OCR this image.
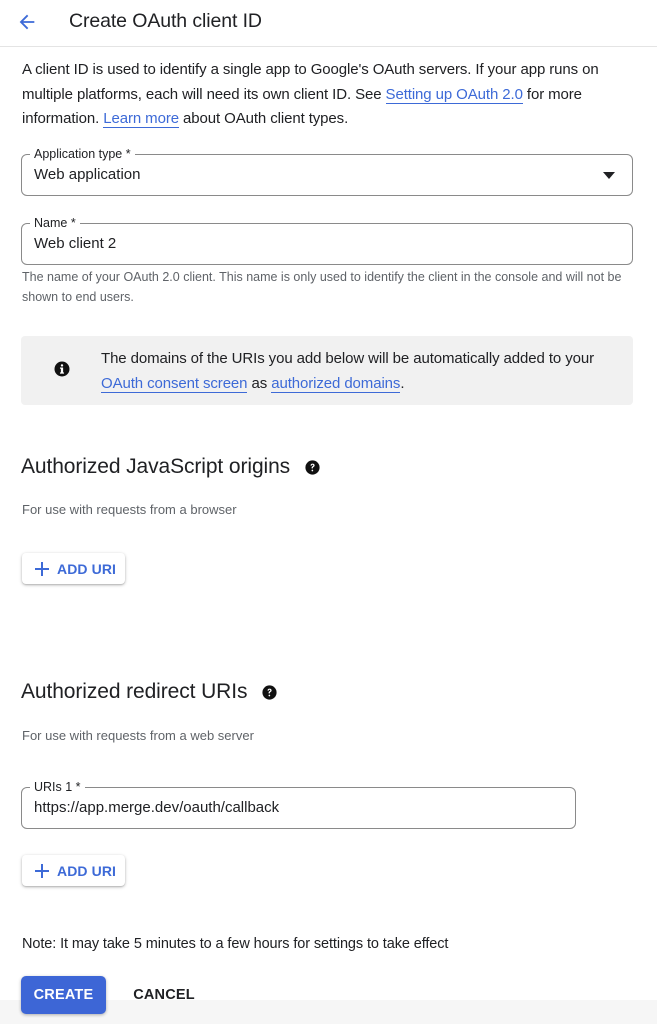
Create OAuth client ID
A client ID is used to identify a single app to Google's OAuth servers. If your app runs on multiple platforms, each will need its own client ID. See Setting up OAuth 2.0 for more information. Learn more about OAuth client types.
Application type *
Web application
Name *
Web client 2
The name of your OAuth 2.0 client. This name is only used to identify the client in the console and will not be shown to end users.
The domains of the URIs you add below will be automatically added to your OAuth consent screen as authorized domains.
Authorized JavaScript origins
For use with requests from a browser
ADD URI
Authorized redirect URIs
For use with requests from a web server
URIs 1 *
https://app.merge.dev/oauth/callback
ADD URI
Note: It may take 5 minutes to a few hours for settings to take effect
CREATE	CANCEL
